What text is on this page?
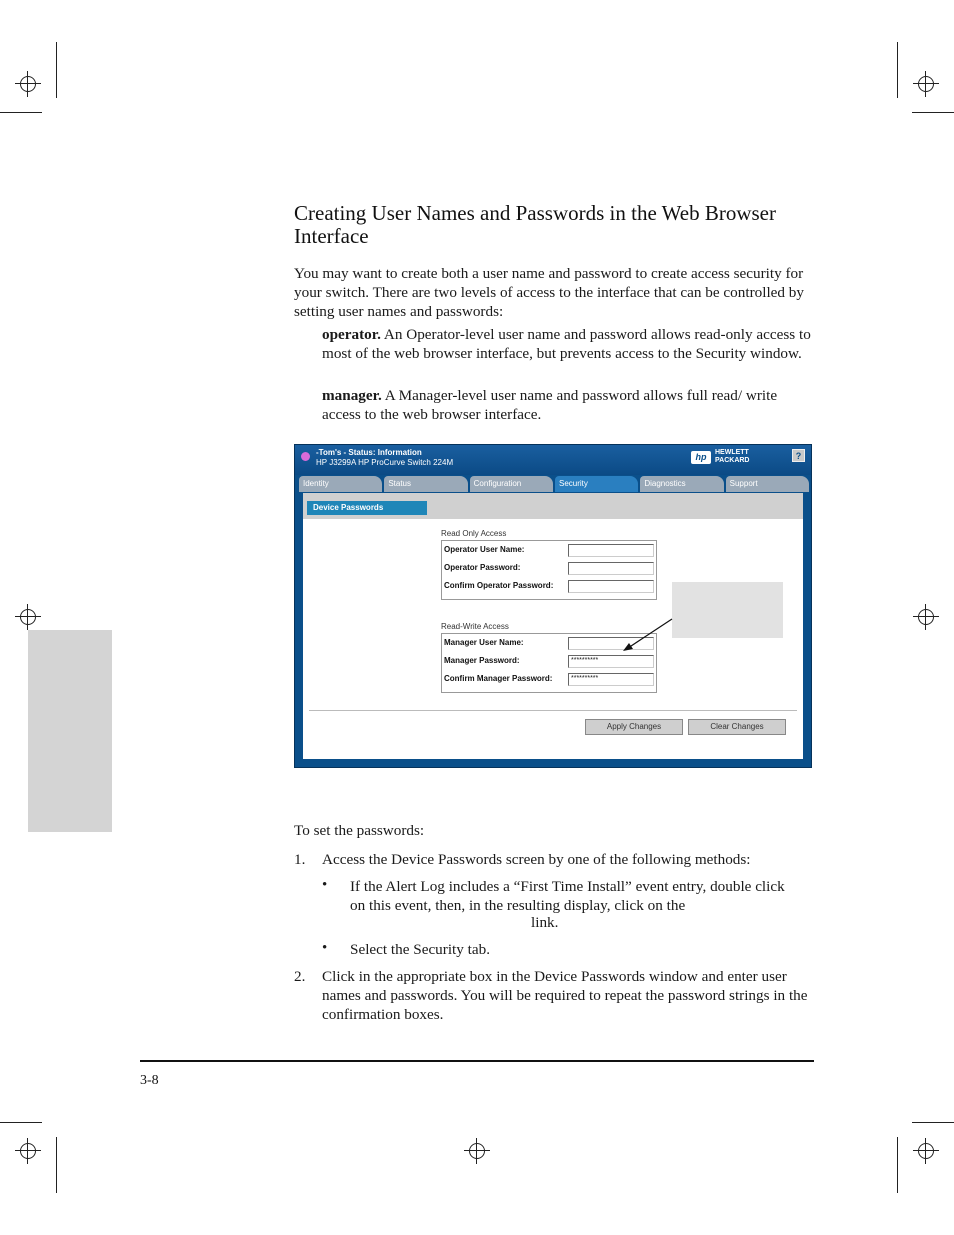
Creating User Names and Passwords in the Web Browser Interface

You may want to create both a user name and password to create access security for your switch. There are two levels of access to the interface that can be controlled by setting user names and passwords:

operator. An Operator-level user name and password allows read-only access to most of the web browser interface, but prevents access to the Security window.

manager. A Manager-level user name and password allows full read/ write access to the web browser interface.

-Tom's - Status: Information
HP J3299A HP ProCurve Switch 224M
hp	HEWLETT PACKARD	?
Identity	Status	Configuration	Security	Diagnostics	Support
Device Passwords
Read Only Access
Operator User Name:
Operator Password:
Confirm Operator Password:
Read-Write Access
Manager User Name:
Manager Password:	**********
Confirm Manager Password:	**********
Apply Changes	Clear Changes

To set the passwords:

1.	Access the Device Passwords screen by one of the following methods:

• If the Alert Log includes a “First Time Install” event entry, double click on this event, then, in the resulting display, click on the

link.

• Select the Security tab.

2.	Click in the appropriate box in the Device Passwords window and enter user names and passwords. You will be required to repeat the password strings in the confirmation boxes.

3-8
